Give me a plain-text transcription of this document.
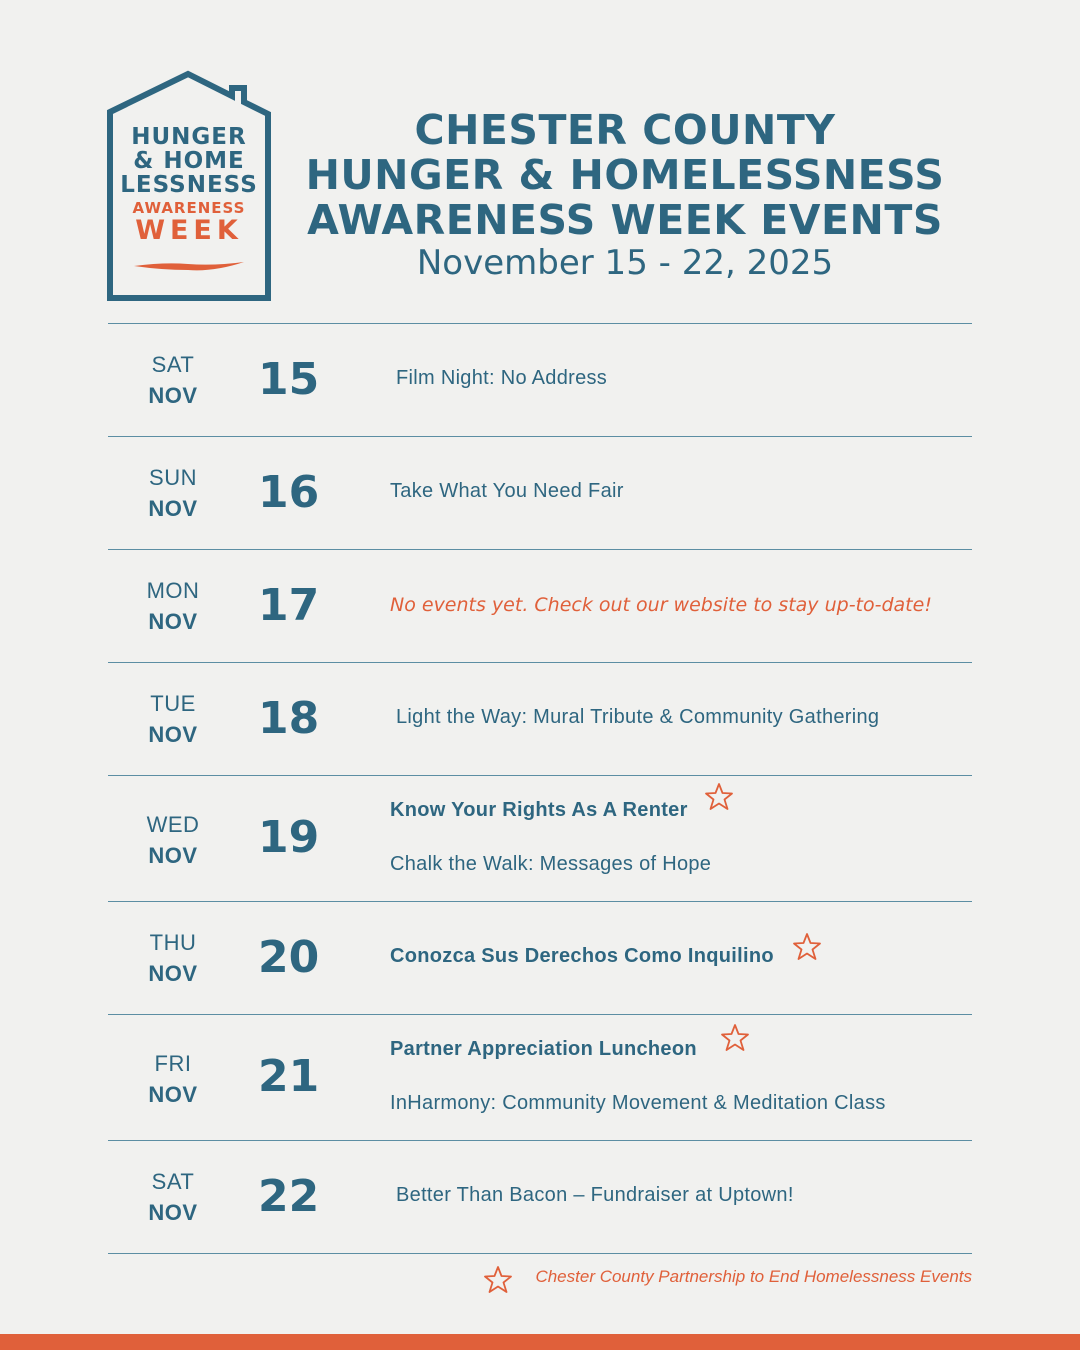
HUNGER
& HOME
LESSNESS
AWARENESS
WEEK
CHESTER COUNTY
HUNGER & HOMELESSNESS
AWARENESS WEEK EVENTS
November 15 - 22, 2025
SAT
NOV	15	Film Night: No Address
SUN
NOV	16	Take What You Need Fair
MON
NOV	17	No events yet. Check out our website to stay up-to-date!
TUE
NOV	18	Light the Way: Mural Tribute & Community Gathering
WED
NOV	19
Know Your Rights As A Renter
Chalk the Walk: Messages of Hope
THU
NOV	20	Conozca Sus Derechos Como Inquilino
FRI
NOV	21
Partner Appreciation Luncheon
InHarmony: Community Movement & Meditation Class
SAT
NOV	22	Better Than Bacon – Fundraiser at Uptown!
Chester County Partnership to End Homelessness Events
